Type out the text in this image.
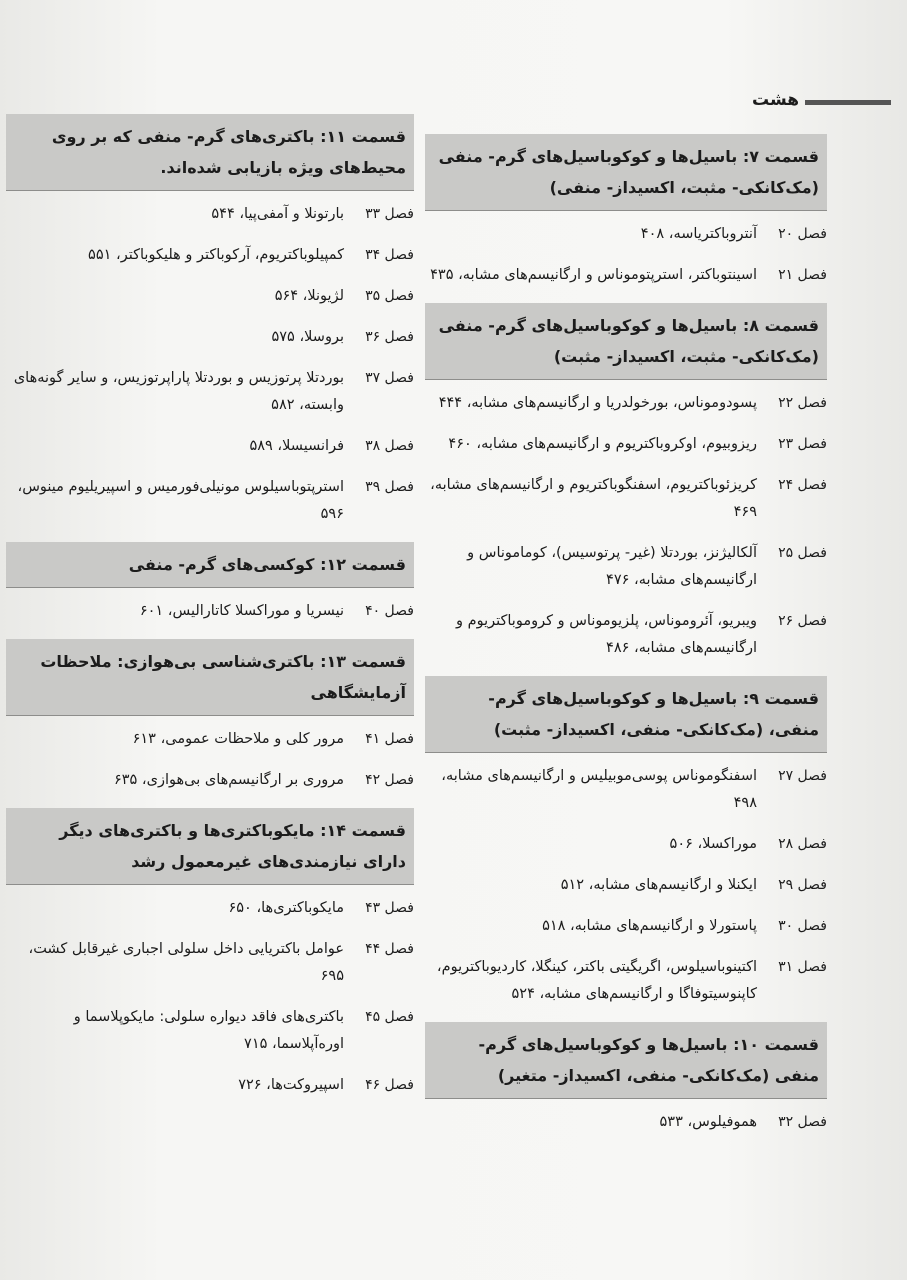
هشت
قسمت ۷: باسیل‌ها و کوکوباسیل‌های گرم- منفی (مک‌کانکی- مثبت، اکسیداز- منفی)
فصل ۲۰
آنتروباکتریاسه، ۴۰۸
فصل ۲۱
اسینتوباکتر، استرپتوموناس و ارگانیسم‌های مشابه، ۴۳۵
قسمت ۸: باسیل‌ها و کوکوباسیل‌های گرم- منفی (مک‌کانکی- مثبت، اکسیداز- مثبت)
فصل ۲۲
پسودوموناس، بورخولدریا و ارگانیسم‌های مشابه، ۴۴۴
فصل ۲۳
ریزوبیوم، اوکروباکتریوم و ارگانیسم‌های مشابه، ۴۶۰
فصل ۲۴
کریزئوباکتریوم، اسفنگوباکتریوم و ارگانیسم‌های مشابه، ۴۶۹
فصل ۲۵
آلکالیژنز، بوردتلا (غیر- پرتوسیس)، کوماموناس و ارگانیسم‌های مشابه، ۴۷۶
فصل ۲۶
ویبریو، آئروموناس، پلزیوموناس و کروموباکتریوم و ارگانیسم‌های مشابه، ۴۸۶
قسمت ۹: باسیل‌ها و کوکوباسیل‌های گرم- منفی، (مک‌کانکی- منفی، اکسیداز- مثبت)
فصل ۲۷
اسفنگوموناس پوسی‌موبیلیس و ارگانیسم‌های مشابه، ۴۹۸
فصل ۲۸
موراکسلا، ۵۰۶
فصل ۲۹
ایکنلا و ارگانیسم‌های مشابه، ۵۱۲
فصل ۳۰
پاستورلا و ارگانیسم‌های مشابه، ۵۱۸
فصل ۳۱
اکتینوباسیلوس، اگریگیتی باکتر، کینگلا، کاردیوباکتریوم، کاپنوسیتوفاگا و ارگانیسم‌های مشابه، ۵۲۴
قسمت ۱۰: باسیل‌ها و کوکوباسیل‌های گرم- منفی (مک‌کانکی- منفی، اکسیداز- متغیر)
فصل ۳۲
هموفیلوس، ۵۳۳
قسمت ۱۱: باکتری‌های گرم- منفی که بر روی محیط‌های ویژه بازیابی شده‌اند.
فصل ۳۳
بارتونلا و آمفی‌پیا، ۵۴۴
فصل ۳۴
کمپیلوباکتریوم، آرکوباکتر و هلیکوباکتر، ۵۵۱
فصل ۳۵
لژیونلا، ۵۶۴
فصل ۳۶
بروسلا، ۵۷۵
فصل ۳۷
بوردتلا پرتوزیس و بوردتلا پاراپرتوزیس، و سایر گونه‌های وابسته، ۵۸۲
فصل ۳۸
فرانسیسلا، ۵۸۹
فصل ۳۹
استرپتوباسیلوس مونیلی‌فورمیس و اسپیریلیوم مینوس، ۵۹۶
قسمت ۱۲: کوکسی‌های گرم- منفی
فصل ۴۰
نیسریا و موراکسلا کاتارالیس، ۶۰۱
قسمت ۱۳: باکتری‌شناسی بی‌هوازی: ملاحظات آزمایشگاهی
فصل ۴۱
مرور کلی و ملاحظات عمومی، ۶۱۳
فصل ۴۲
مروری بر ارگانیسم‌های بی‌هوازی، ۶۳۵
قسمت ۱۴: مایکوباکتری‌ها و باکتری‌های دیگر دارای نیازمندی‌های غیرمعمول رشد
فصل ۴۳
مایکوباکتری‌ها، ۶۵۰
فصل ۴۴
عوامل باکتریایی داخل سلولی اجباری غیرقابل کشت، ۶۹۵
فصل ۴۵
باکتری‌های فاقد دیواره سلولی: مایکوپلاسما و اوره‌آپلاسما، ۷۱۵
فصل ۴۶
اسپیروکت‌ها، ۷۲۶
